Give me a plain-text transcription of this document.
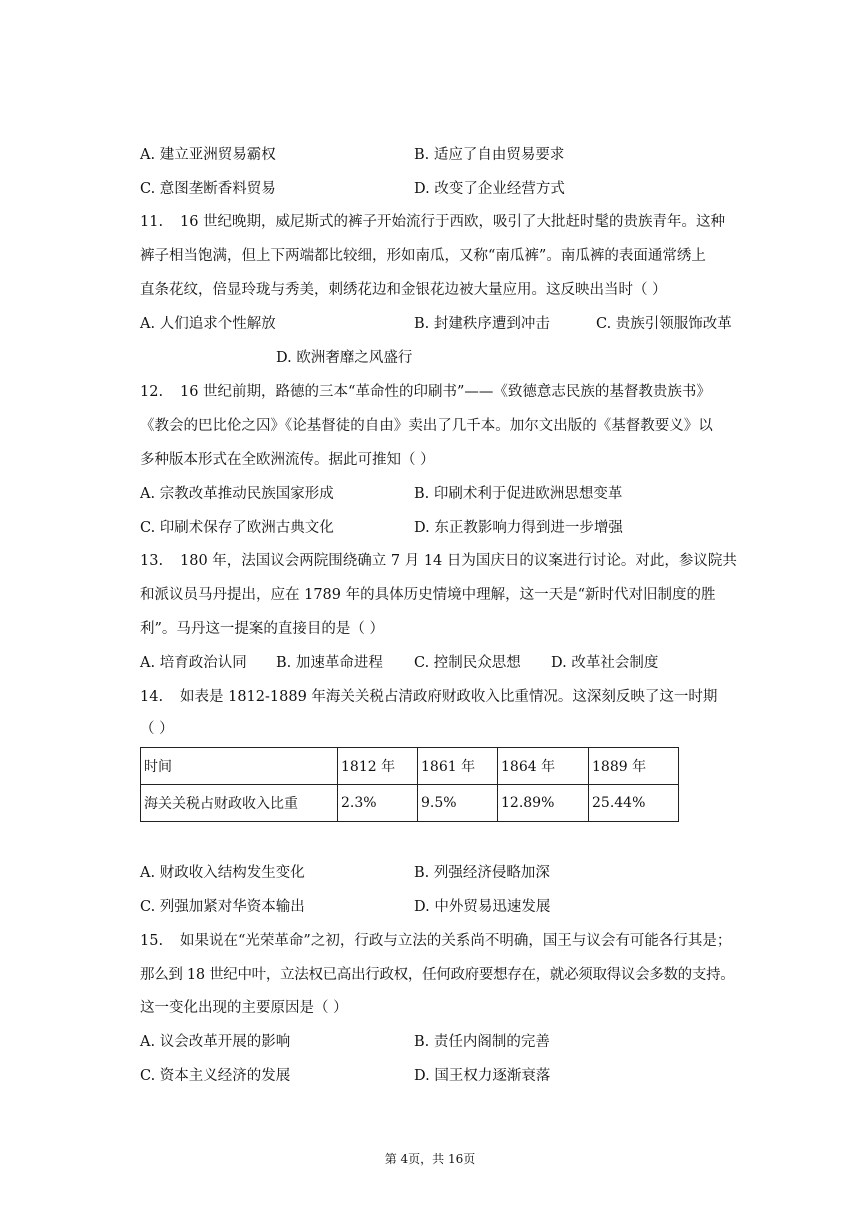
A. 建立亚洲贸易霸权	B. 适应了自由贸易要求
C. 意图垄断香料贸易	D. 改变了企业经营方式
11. 16 世纪晚期，威尼斯式的裤子开始流行于西欧，吸引了大批赶时髦的贵族青年。这种
裤子相当饱满，但上下两端都比较细，形如南瓜，又称“南瓜裤”。南瓜裤的表面通常绣上
直条花纹，倍显玲珑与秀美，刺绣花边和金银花边被大量应用。这反映出当时（ ）
A. 人们追求个性解放	B. 封建秩序遭到冲击	C. 贵族引领服饰改革
D. 欧洲奢靡之风盛行
12. 16 世纪前期，路德的三本“革命性的印刷书”——《致德意志民族的基督教贵族书》
《教会的巴比伦之囚》《论基督徒的自由》卖出了几千本。加尔文出版的《基督教要义》以
多种版本形式在全欧洲流传。据此可推知（ ）
A. 宗教改革推动民族国家形成	B. 印刷术利于促进欧洲思想变革
C. 印刷术保存了欧洲古典文化	D. 东正教影响力得到进一步增强
13. 180 年，法国议会两院围绕确立 7 月 14 日为国庆日的议案进行讨论。对此，参议院共
和派议员马丹提出，应在 1789 年的具体历史情境中理解，这一天是“新时代对旧制度的胜
利”。马丹这一提案的直接目的是（ ）
A. 培育政治认同 B. 加速革命进程 C. 控制民众思想 D. 改革社会制度
14. 如表是 1812-1889 年海关关税占清政府财政收入比重情况。这深刻反映了这一时期
（ ）
时间	1812 年	1861 年	1864 年	1889 年
海关关税占财政收入比重	2.3%	9.5%	12.89%	25.44%
A. 财政收入结构发生变化	B. 列强经济侵略加深
C. 列强加紧对华资本输出	D. 中外贸易迅速发展
15. 如果说在“光荣革命”之初，行政与立法的关系尚不明确，国王与议会有可能各行其是；
那么到 18 世纪中叶，立法权已高出行政权，任何政府要想存在，就必须取得议会多数的支持。
这一变化出现的主要原因是（ ）
A. 议会改革开展的影响	B. 责任内阁制的完善
C. 资本主义经济的发展	D. 国王权力逐渐衰落
第 4页，共 16页
